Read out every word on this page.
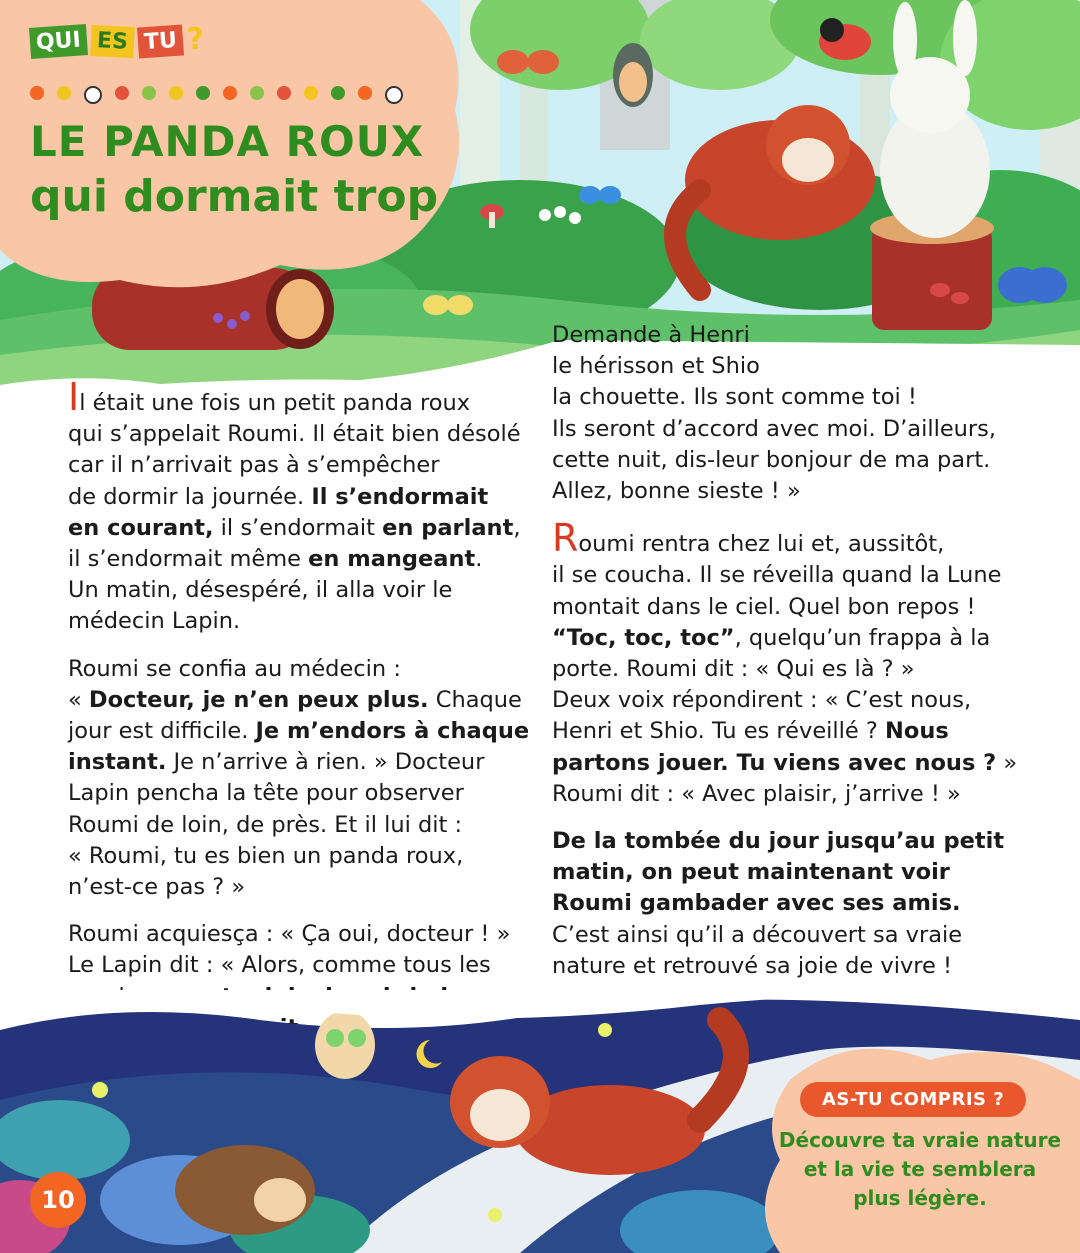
QUI ES TU ?
LE PANDA ROUX
qui dormait trop

Il était une fois un petit panda roux
qui s’appelait Roumi. Il était bien désolé
car il n’arrivait pas à s’empêcher
de dormir la journée. Il s’endormait
en courant, il s’endormait en parlant,
il s’endormait même en mangeant.
Un matin, désespéré, il alla voir le
médecin Lapin.

Roumi se confia au médecin :
« Docteur, je n’en peux plus. Chaque
jour est difficile. Je m’endors à chaque
instant. Je n’arrive à rien. » Docteur
Lapin pencha la tête pour observer
Roumi de loin, de près. Et il lui dit :
« Roumi, tu es bien un panda roux,
n’est-ce pas ? »

Roumi acquiesça : « Ça oui, docteur ! »
Le Lapin dit : « Alors, comme tous les

Demande à Henri
le hérisson et Shio
la chouette. Ils sont comme toi !
Ils seront d’accord avec moi. D’ailleurs,
cette nuit, dis-leur bonjour de ma part.
Allez, bonne sieste ! »

Roumi rentra chez lui et, aussitôt,
il se coucha. Il se réveilla quand la Lune
montait dans le ciel. Quel bon repos !
“Toc, toc, toc”, quelqu’un frappa à la
porte. Roumi dit : « Qui es là ? »
Deux voix répondirent : « C’est nous,
Henri et Shio. Tu es réveillé ? Nous
partons jouer. Tu viens avec nous ? »
Roumi dit : « Avec plaisir, j’arrive ! »

De la tombée du jour jusqu’au petit
matin, on peut maintenant voir
Roumi gambader avec ses amis.
C’est ainsi qu’il a découvert sa vraie
nature et retrouvé sa joie de vivre !

10
AS-TU COMPRIS ?
Découvre ta vraie nature
et la vie te semblera
plus légère.
